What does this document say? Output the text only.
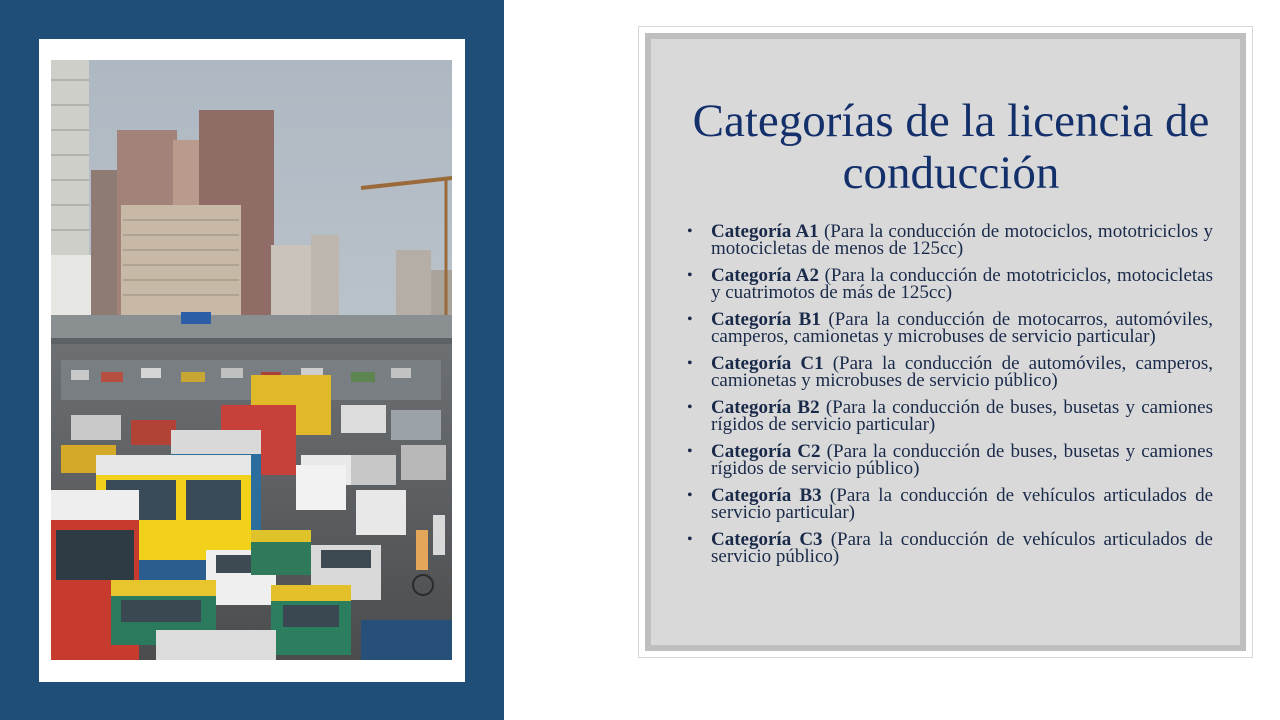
Categorías de la licencia de conducción
• Categoría A1 (Para la conducción de motociclos, mototriciclos y motocicletas de menos de 125cc)
• Categoría A2 (Para la conducción de mototriciclos, motocicletas y cuatrimotos de más de 125cc)
• Categoría B1 (Para la conducción de motocarros, automóviles, camperos, camionetas y microbuses de servicio particular)
• Categoría C1 (Para la conducción de automóviles, camperos, camionetas y microbuses de servicio público)
• Categoría B2 (Para la conducción de buses, busetas y camiones rígidos de servicio particular)
• Categoría C2 (Para la conducción de buses, busetas y camiones rígidos de servicio público)
• Categoría B3 (Para la conducción de vehículos articulados de servicio particular)
• Categoría C3 (Para la conducción de vehículos articulados de servicio público)
